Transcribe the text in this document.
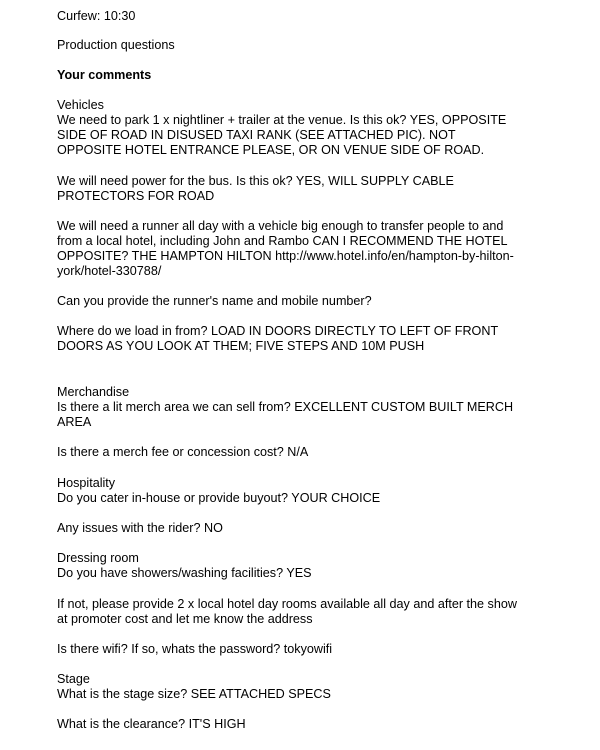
Curfew: 10:30
Production questions
Your comments
Vehicles
We need to park 1 x nightliner + trailer at the venue. Is this ok? YES, OPPOSITE
SIDE OF ROAD IN DISUSED TAXI RANK (SEE ATTACHED PIC). NOT
OPPOSITE HOTEL ENTRANCE PLEASE, OR ON VENUE SIDE OF ROAD.
We will need power for the bus. Is this ok? YES, WILL SUPPLY CABLE
PROTECTORS FOR ROAD
We will need a runner all day with a vehicle big enough to transfer people to and
from a local hotel, including John and Rambo CAN I RECOMMEND THE HOTEL
OPPOSITE? THE HAMPTON HILTON http://www.hotel.info/en/hampton-by-hilton-
york/hotel-330788/
Can you provide the runner's name and mobile number?
Where do we load in from? LOAD IN DOORS DIRECTLY TO LEFT OF FRONT
DOORS AS YOU LOOK AT THEM; FIVE STEPS AND 10M PUSH
Merchandise
Is there a lit merch area we can sell from? EXCELLENT CUSTOM BUILT MERCH
AREA
Is there a merch fee or concession cost? N/A
Hospitality
Do you cater in-house or provide buyout? YOUR CHOICE
Any issues with the rider? NO
Dressing room
Do you have showers/washing facilities? YES
If not, please provide 2 x local hotel day rooms available all day and after the show
at promoter cost and let me know the address
Is there wifi? If so, whats the password? tokyowifi
Stage
What is the stage size? SEE ATTACHED SPECS
What is the clearance? IT'S HIGH
